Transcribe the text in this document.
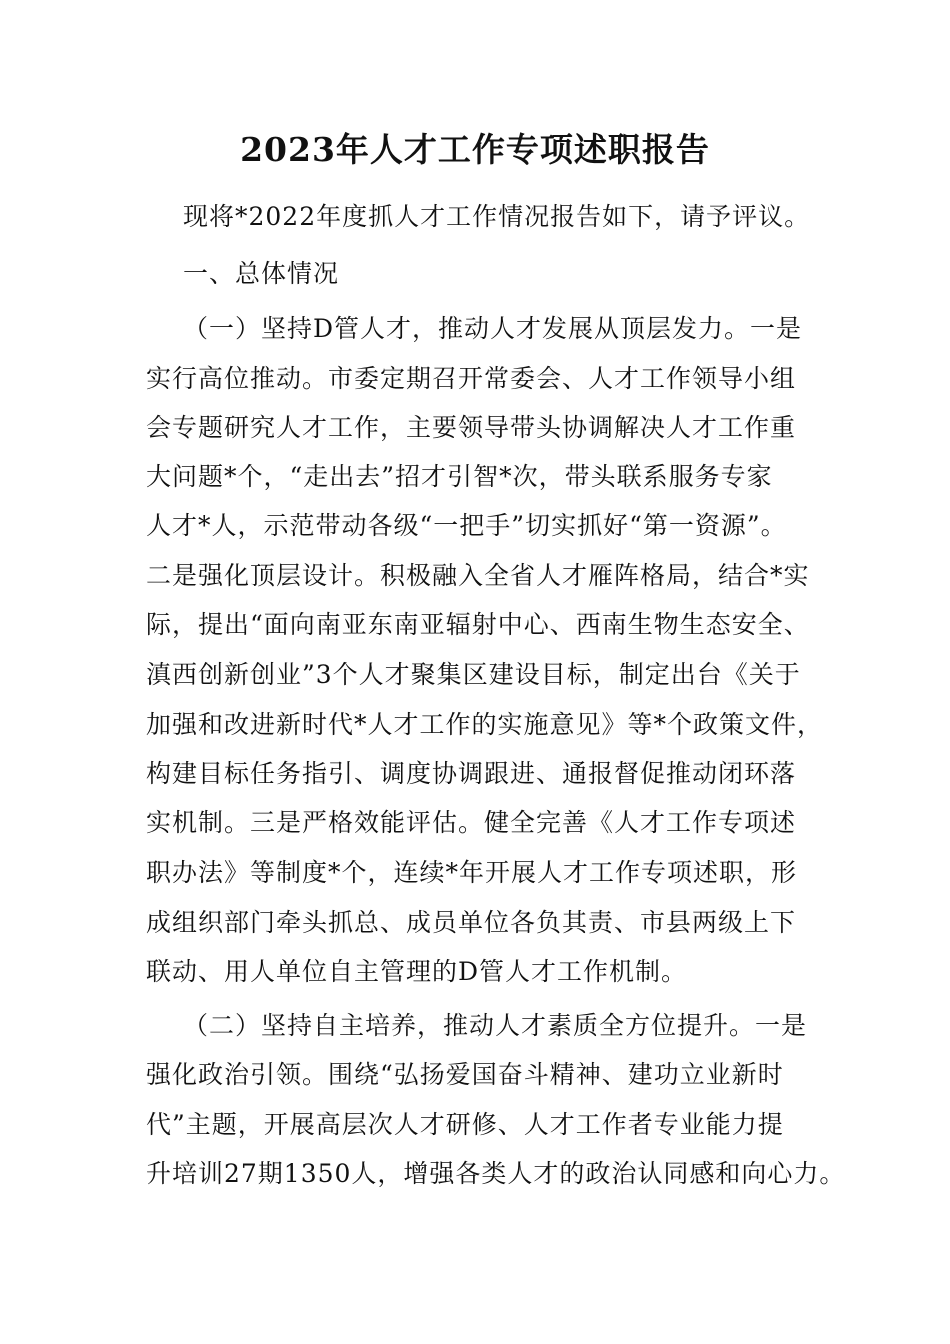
2023年人才工作专项述职报告
现将*2022年度抓人才工作情况报告如下，请予评议。
一、总体情况
（一）坚持D管人才，推动人才发展从顶层发力。一是
实行高位推动。市委定期召开常委会、人才工作领导小组
会专题研究人才工作，主要领导带头协调解决人才工作重
大问题*个，“走出去”招才引智*次，带头联系服务专家
人才*人，示范带动各级“一把手”切实抓好“第一资源”。
二是强化顶层设计。积极融入全省人才雁阵格局，结合*实
际，提出“面向南亚东南亚辐射中心、西南生物生态安全、
滇西创新创业”3个人才聚集区建设目标，制定出台《关于
加强和改进新时代*人才工作的实施意见》等*个政策文件，
构建目标任务指引、调度协调跟进、通报督促推动闭环落
实机制。三是严格效能评估。健全完善《人才工作专项述
职办法》等制度*个，连续*年开展人才工作专项述职，形
成组织部门牵头抓总、成员单位各负其责、市县两级上下
联动、用人单位自主管理的D管人才工作机制。
（二）坚持自主培养，推动人才素质全方位提升。一是
强化政治引领。围绕“弘扬爱国奋斗精神、建功立业新时
代”主题，开展高层次人才研修、人才工作者专业能力提
升培训27期1350人，增强各类人才的政治认同感和向心力。
